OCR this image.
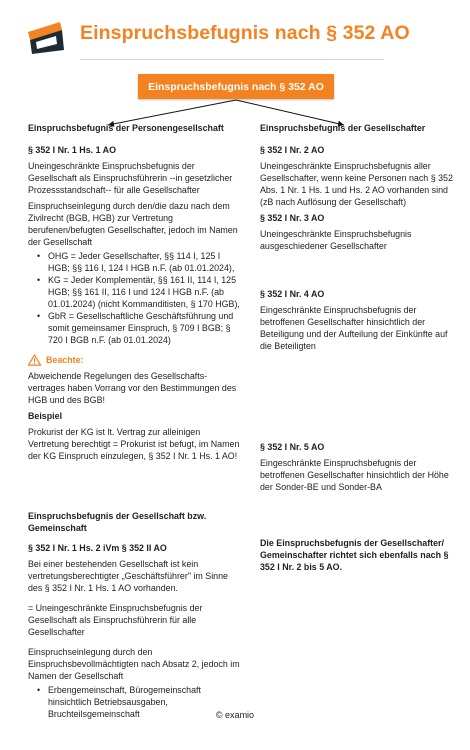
Einspruchsbefugnis nach § 352 AO
Einspruchsbefugnis nach § 352 AO

Einspruchsbefugnis der Personengesellschaft

§ 352 I Nr. 1 Hs. 1 AO

Uneingeschränkte Einspruchsbefugnis der Gesellschaft als Einspruchsführerin --in gesetzlicher Prozessstandschaft-- für alle Gesellschafter

Einspruchseinlegung durch den/die dazu nach dem Zivilrecht (BGB, HGB) zur Vertretung berufenen/befugten Gesellschafter, jedoch im Namen der Gesellschaft

• OHG = Jeder Gesellschafter, §§ 114 I, 125 I HGB; §§ 116 I, 124 I HGB n.F. (ab 01.01.2024),
• KG = Jeder Komplementär, §§ 161 II, 114 I, 125 HGB; §§ 161 II, 116 I und 124 I HGB n.F. (ab 01.01.2024) (nicht Kommanditisten, § 170 HGB),
• GbR = Gesellschaftliche Geschäftsführung und somit gemeinsamer Einspruch, § 709 I BGB; § 720 I BGB n.F. (ab 01.01.2024)
Beachte:

Abweichende Regelungen des Gesellschafts-vertrages haben Vorrang vor den Bestimmungen des HGB und des BGB!

Beispiel

Prokurist der KG ist lt. Vertrag zur alleinigen Vertretung berechtigt = Prokurist ist befugt, im Namen der KG Einspruch einzulegen, § 352 I Nr. 1 Hs. 1 AO!

Einspruchsbefugnis der Gesellschaft bzw. Gemeinschaft

§ 352 I Nr. 1 Hs. 2 iVm § 352 II AO

Bei einer bestehenden Gesellschaft ist kein vertretungsberechtigter „Geschäftsführer" im Sinne des § 352 I Nr. 1 Hs. 1 AO vorhanden.

= Uneingeschränkte Einspruchsbefugnis der Gesellschaft als Einspruchsführerin für alle Gesellschafter

Einspruchseinlegung durch den Einspruchsbevollmächtigten nach Absatz 2, jedoch im Namen der Gesellschaft

• Erbengemeinschaft, Bürogemeinschaft hinsichtlich Betriebsausgaben, Bruchteilsgemeinschaft

Einspruchsbefugnis der Gesellschafter

§ 352 I Nr. 2 AO

Uneingeschränkte Einspruchsbefugnis aller Gesellschafter, wenn keine Personen nach § 352 Abs. 1 Nr. 1 Hs. 1 und Hs. 2 AO vorhanden sind (zB nach Auflösung der Gesellschaft)

§ 352 I Nr. 3 AO

Uneingeschränkte Einspruchsbefugnis ausgeschiedener Gesellschafter

§ 352 I Nr. 4 AO

Eingeschränkte Einspruchsbefugnis der betroffenen Gesellschafter hinsichtlich der Beteiligung und der Aufteilung der Einkünfte auf die Beteiligten

§ 352 I Nr. 5 AO

Eingeschränkte Einspruchsbefugnis der betroffenen Gesellschafter hinsichtlich der Höhe der Sonder-BE und Sonder-BA

Die Einspruchsbefugnis der Gesellschafter/ Gemeinschafter richtet sich ebenfalls nach § 352 I Nr. 2 bis 5 AO.

© examio
